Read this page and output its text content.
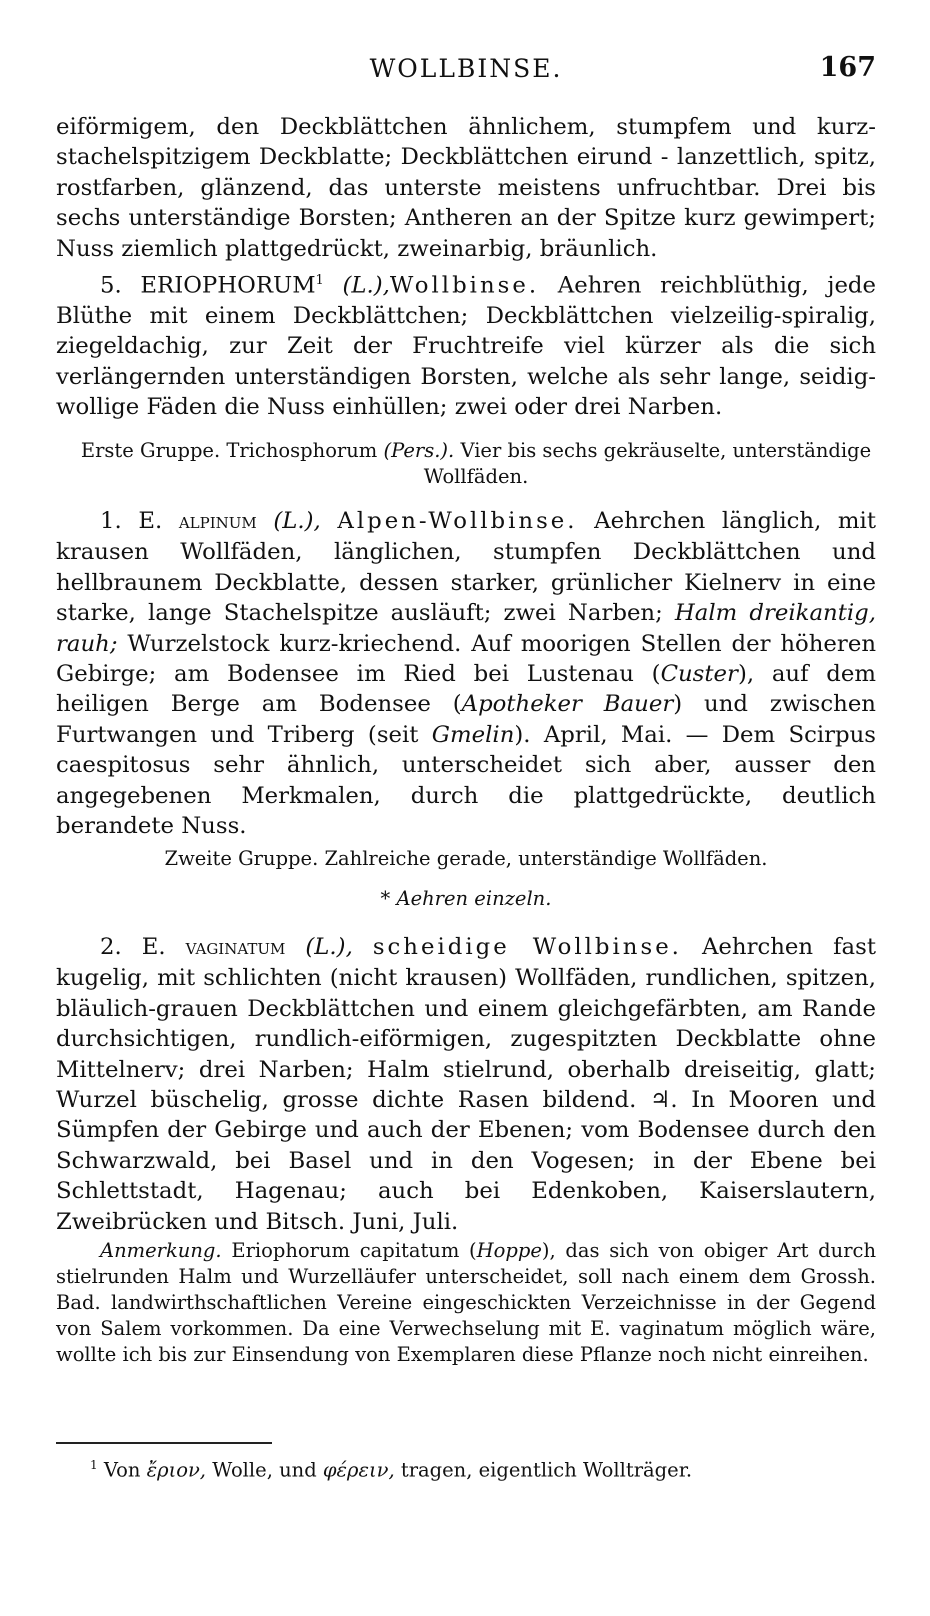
WOLLBINSE.	167

eiförmigem, den Deckblättchen ähnlichem, stumpfem und kurz-stachelspitzigem Deckblatte; Deckblättchen eirund - lanzettlich, spitz, rostfarben, glänzend, das unterste meistens unfruchtbar. Drei bis sechs unterständige Borsten; Antheren an der Spitze kurz gewimpert; Nuss ziemlich plattgedrückt, zweinarbig, bräunlich.

5. ERIOPHORUM$^1$ (L.),Wollbinse. Aehren reichblüthig, jede Blüthe mit einem Deckblättchen; Deckblättchen vielzeilig-spiralig, ziegeldachig, zur Zeit der Fruchtreife viel kürzer als die sich verlängernden unterständigen Borsten, welche als sehr lange, seidig-wollige Fäden die Nuss einhüllen; zwei oder drei Narben.

Erste Gruppe. Trichosphorum (Pers.). Vier bis sechs gekräuselte, unterständige Wollfäden.

1. E. alpinum (L.), Alpen-Wollbinse. Aehrchen länglich, mit krausen Wollfäden, länglichen, stumpfen Deckblättchen und hellbraunem Deckblatte, dessen starker, grünlicher Kielnerv in eine starke, lange Stachelspitze ausläuft; zwei Narben; Halm dreikantig, rauh; Wurzelstock kurz-kriechend. Auf moorigen Stellen der höheren Gebirge; am Bodensee im Ried bei Lustenau (Custer), auf dem heiligen Berge am Bodensee (Apotheker Bauer) und zwischen Furtwangen und Triberg (seit Gmelin). April, Mai. — Dem Scirpus caespitosus sehr ähnlich, unterscheidet sich aber, ausser den angegebenen Merkmalen, durch die plattgedrückte, deutlich berandete Nuss.

Zweite Gruppe. Zahlreiche gerade, unterständige Wollfäden.
* Aehren einzeln.

2. E. vaginatum (L.), scheidige Wollbinse. Aehrchen fast kugelig, mit schlichten (nicht krausen) Wollfäden, rundlichen, spitzen, bläulich-grauen Deckblättchen und einem gleichgefärbten, am Rande durchsichtigen, rundlich-eiförmigen, zugespitzten Deckblatte ohne Mittelnerv; drei Narben; Halm stielrund, oberhalb dreiseitig, glatt; Wurzel büschelig, grosse dichte Rasen bildend. ♃. In Mooren und Sümpfen der Gebirge und auch der Ebenen; vom Bodensee durch den Schwarzwald, bei Basel und in den Vogesen; in der Ebene bei Schlettstadt, Hagenau; auch bei Edenkoben, Kaiserslautern, Zweibrücken und Bitsch. Juni, Juli.

Anmerkung. Eriophorum capitatum (Hoppe), das sich von obiger Art durch stielrunden Halm und Wurzelläufer unterscheidet, soll nach einem dem Grossh. Bad. landwirthschaftlichen Vereine eingeschickten Verzeichnisse in der Gegend von Salem vorkommen. Da eine Verwechselung mit E. vaginatum möglich wäre, wollte ich bis zur Einsendung von Exemplaren diese Pflanze noch nicht einreihen.

$^1$ Von ἔριον, Wolle, und φέρειν, tragen, eigentlich Wollträger.
